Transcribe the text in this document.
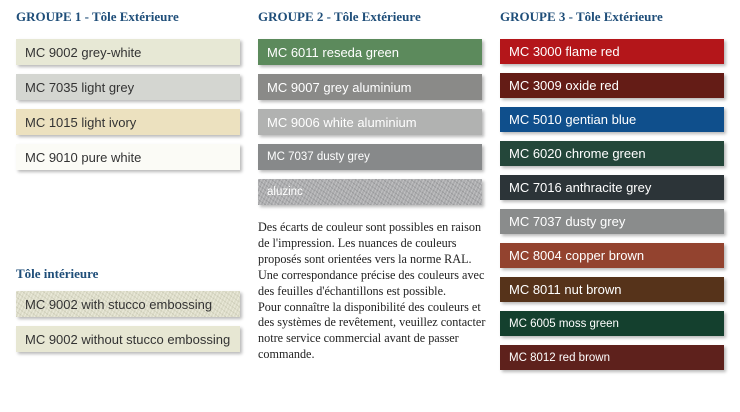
GROUPE 1 - Tôle Extérieure	GROUPE 2 - Tôle Extérieure	GROUPE 3 - Tôle Extérieure
Tôle intérieure
MC 9002 grey-white
MC 7035 light grey
MC 1015 light ivory
MC 9010 pure white
MC 6011 reseda green
MC 9007 grey aluminium
MC 9006 white aluminium
MC 7037 dusty grey
aluzinc
MC 3000 flame red
MC 3009 oxide red
MC 5010 gentian blue
MC 6020 chrome green
MC 7016 anthracite grey
MC 7037 dusty grey
MC 8004 copper brown
MC 8011 nut brown
MC 6005 moss green
MC 8012 red brown
MC 9002 with stucco embossing
MC 9002 without stucco embossing

Des écarts de couleur sont possibles en raison de l'impression. Les nuances de couleurs proposés sont orientées vers la norme RAL. Une correspondance précise des couleurs avec des feuilles d'échantillons est possible.

Pour connaître la disponibilité des couleurs et des systèmes de revêtement, veuillez contacter notre service commercial avant de passer commande.
